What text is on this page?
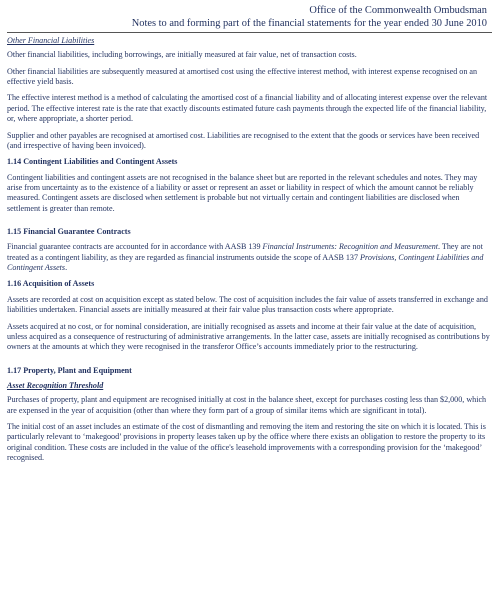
Office of the Commonwealth Ombudsman
Notes to and forming part of the financial statements for the year ended 30 June 2010
Other Financial Liabilities

Other financial liabilities, including borrowings, are initially measured at fair value, net of transaction costs.

Other financial liabilities are subsequently measured at amortised cost using the effective interest method, with interest expense recognised on an effective yield basis.

The effective interest method is a method of calculating the amortised cost of a financial liability and of allocating interest expense over the relevant period. The effective interest rate is the rate that exactly discounts estimated future cash payments through the expected life of the financial liability, or, where appropriate, a shorter period.

Supplier and other payables are recognised at amortised cost. Liabilities are recognised to the extent that the goods or services have been received (and irrespective of having been invoiced).

1.14 Contingent Liabilities and Contingent Assets

Contingent liabilities and contingent assets are not recognised in the balance sheet but are reported in the relevant schedules and notes. They may arise from uncertainty as to the existence of a liability or asset or represent an asset or liability in respect of which the amount cannot be reliably measured. Contingent assets are disclosed when settlement is probable but not virtually certain and contingent liabilities are disclosed when settlement is greater than remote.

1.15 Financial Guarantee Contracts

Financial guarantee contracts are accounted for in accordance with AASB 139 Financial Instruments: Recognition and Measurement. They are not treated as a contingent liability, as they are regarded as financial instruments outside the scope of AASB 137 Provisions, Contingent Liabilities and Contingent Assets.

1.16 Acquisition of Assets

Assets are recorded at cost on acquisition except as stated below. The cost of acquisition includes the fair value of assets transferred in exchange and liabilities undertaken. Financial assets are initially measured at their fair value plus transaction costs where appropriate.

Assets acquired at no cost, or for nominal consideration, are initially recognised as assets and income at their fair value at the date of acquisition, unless acquired as a consequence of restructuring of administrative arrangements. In the latter case, assets are initially recognised as contributions by owners at the amounts at which they were recognised in the transferor Office’s accounts immediately prior to the restructuring.

1.17 Property, Plant and Equipment
Asset Recognition Threshold

Purchases of property, plant and equipment are recognised initially at cost in the balance sheet, except for purchases costing less than $2,000, which are expensed in the year of acquisition (other than where they form part of a group of similar items which are significant in total).

The initial cost of an asset includes an estimate of the cost of dismantling and removing the item and restoring the site on which it is located. This is particularly relevant to ‘makegood’ provisions in property leases taken up by the office where there exists an obligation to restore the property to its original condition. These costs are included in the value of the office's leasehold improvements with a corresponding provision for the ‘makegood’ recognised.
